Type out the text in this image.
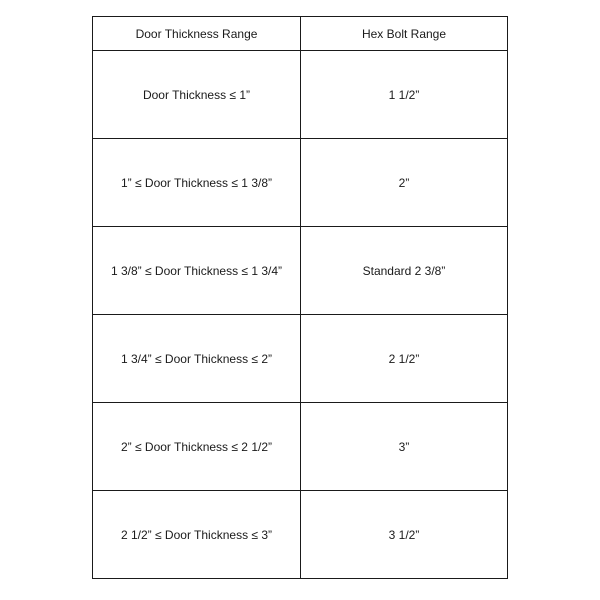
Door Thickness Range	Hex Bolt Range
Door Thickness ≤ 1”	1 1/2”
1” ≤ Door Thickness ≤ 1 3/8”	2”
1 3/8” ≤ Door Thickness ≤ 1 3/4”	Standard 2 3/8”
1 3/4” ≤ Door Thickness ≤ 2”	2 1/2”
2” ≤ Door Thickness ≤ 2 1/2”	3”
2 1/2” ≤ Door Thickness ≤ 3”	3 1/2”
